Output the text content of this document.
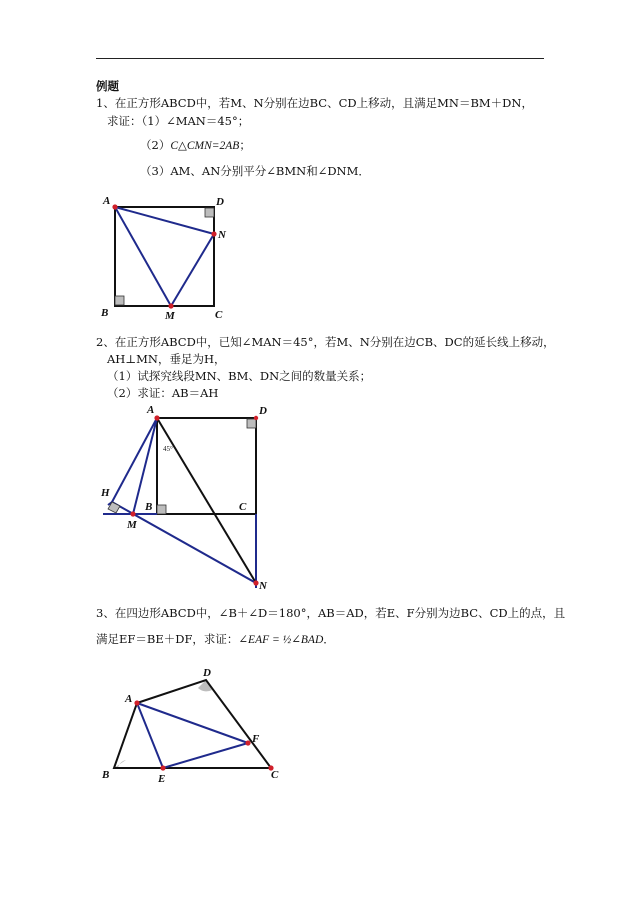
例题
1、在正方形ABCD中，若M、N分别在边BC、CD上移动，且满足MN＝BM＋DN，
求证：（1）∠MAN＝45°；
（2）C△CMN=2AB；
（3）AM、AN分别平分∠BMN和∠DNM．
A	D
N
B	M	C
A	D
H
B	C
M
N
45°
D
A
F
B	E	C
2、在正方形ABCD中，已知∠MAN＝45°，若M、N分别在边CB、DC的延长线上移动，
AH⊥MN，垂足为H，
（1）试探究线段MN、BM、DN之间的数量关系；
（2）求证：AB＝AH
3、在四边形ABCD中，∠B＋∠D＝180°，AB＝AD，若E、F分别为边BC、CD上的点，且
满足EF＝BE＋DF，求证：∠EAF = ½∠BAD．
